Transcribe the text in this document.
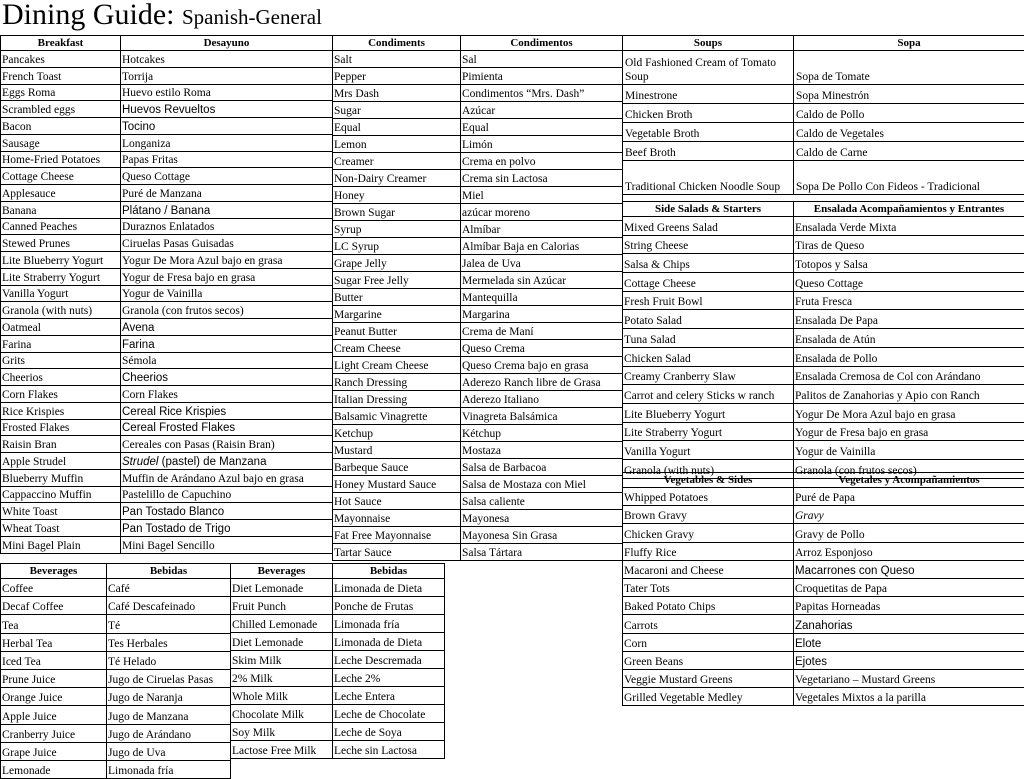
Dining Guide: Spanish-General
Breakfast	Desayuno
Pancakes	Hotcakes
French Toast	Torrija
Eggs Roma	Huevo estilo Roma
Scrambled eggs	Huevos Revueltos
Bacon	Tocino
Sausage	Longaniza
Home-Fried Potatoes	Papas Fritas
Cottage Cheese	Queso Cottage
Applesauce	Puré de Manzana
Banana	Plátano / Banana
Canned Peaches	Duraznos Enlatados
Stewed Prunes	Ciruelas Pasas Guisadas
Lite Blueberry Yogurt	Yogur De Mora Azul bajo en grasa
Lite Straberry Yogurt	Yogur de Fresa bajo en grasa
Vanilla Yogurt	Yogur de Vainilla
Granola (with nuts)	Granola (con frutos secos)
Oatmeal	Avena
Farina	Farina
Grits	Sémola
Cheerios	Cheerios
Corn Flakes	Corn Flakes
Rice Krispies	Cereal Rice Krispies
Frosted Flakes	Cereal Frosted Flakes
Raisin Bran	Cereales con Pasas (Raisin Bran)
Apple Strudel	Strudel (pastel) de Manzana
Blueberry Muffin	Muffin de Arándano Azul bajo en grasa
Cappaccino Muffin	Pastelillo de Capuchino
White Toast	Pan Tostado Blanco
Wheat Toast	Pan Tostado de Trigo
Mini Bagel Plain	Mini Bagel Sencillo
Condiments	Condimentos
Salt	Sal
Pepper	Pimienta
Mrs Dash	Condimentos “Mrs. Dash”
Sugar	Azúcar
Equal	Equal
Lemon	Limón
Creamer	Crema en polvo
Non-Dairy Creamer	Crema sin Lactosa
Honey	Miel
Brown Sugar	azúcar moreno
Syrup	Almíbar
LC Syrup	Almíbar Baja en Calorias
Grape Jelly	Jalea de Uva
Sugar Free Jelly	Mermelada sin Azúcar
Butter	Mantequilla
Margarine	Margarina
Peanut Butter	Crema de Maní
Cream Cheese	Queso Crema
Light Cream Cheese	Queso Crema bajo en grasa
Ranch Dressing	Aderezo Ranch libre de Grasa
Italian Dressing	Aderezo Italiano
Balsamic Vinagrette	Vinagreta Balsámica
Ketchup	Kétchup
Mustard	Mostaza
Barbeque Sauce	Salsa de Barbacoa
Honey Mustard Sauce	Salsa de Mostaza con Miel
Hot Sauce	Salsa caliente
Mayonnaise	Mayonesa
Fat Free Mayonnaise	Mayonesa Sin Grasa
Tartar Sauce	Salsa Tártara
Soups	Sopa
Old Fashioned Cream of Tomato Soup	Sopa de Tomate
Minestrone	Sopa Minestrón
Chicken Broth	Caldo de Pollo
Vegetable Broth	Caldo de Vegetales
Beef Broth	Caldo de Carne
Traditional Chicken Noodle Soup	Sopa De Pollo Con Fideos - Tradicional
Side Salads & Starters	Ensalada Acompañamientos y Entrantes
Mixed Greens Salad	Ensalada Verde Mixta
String Cheese	Tiras de Queso
Salsa & Chips	Totopos y Salsa
Cottage Cheese	Queso Cottage
Fresh Fruit Bowl	Fruta Fresca
Potato Salad	Ensalada De Papa
Tuna Salad	Ensalada de Atún
Chicken Salad	Ensalada de Pollo
Creamy Cranberry Slaw	Ensalada Cremosa de Col con Arándano
Carrot and celery Sticks w ranch	Palitos de Zanahorias y Apio con Ranch
Lite Blueberry Yogurt	Yogur De Mora Azul bajo en grasa
Lite Straberry Yogurt	Yogur de Fresa bajo en grasa
Vanilla Yogurt	Yogur de Vainilla
Granola (with nuts)	Granola (con frutos secos)
Vegetables & Sides	Vegetales y Acompañamientos
Whipped Potatoes	Puré de Papa
Brown Gravy	Gravy
Chicken Gravy	Gravy de Pollo
Fluffy Rice	Arroz Esponjoso
Macaroni and Cheese	Macarrones con Queso
Tater Tots	Croquetitas de Papa
Baked Potato Chips	Papitas Horneadas
Carrots	Zanahorias
Corn	Elote
Green Beans	Ejotes
Veggie Mustard Greens	Vegetariano – Mustard Greens
Grilled Vegetable Medley	Vegetales Mixtos a la parilla
Beverages	Bebidas
Coffee	Café
Decaf Coffee	Café Descafeinado
Tea	Té
Herbal Tea	Tes Herbales
Iced Tea	Té Helado
Prune Juice	Jugo de Ciruelas Pasas
Orange Juice	Jugo de Naranja
Apple Juice	Jugo de Manzana
Cranberry Juice	Jugo de Arándano
Grape Juice	Jugo de Uva
Lemonade	Limonada fría
Beverages	Bebidas
Diet Lemonade	Limonada de Dieta
Fruit Punch	Ponche de Frutas
Chilled Lemonade	Limonada fría
Diet Lemonade	Limonada de Dieta
Skim Milk	Leche Descremada
2% Milk	Leche 2%
Whole Milk	Leche Entera
Chocolate Milk	Leche de Chocolate
Soy Milk	Leche de Soya
Lactose Free Milk	Leche sin Lactosa
